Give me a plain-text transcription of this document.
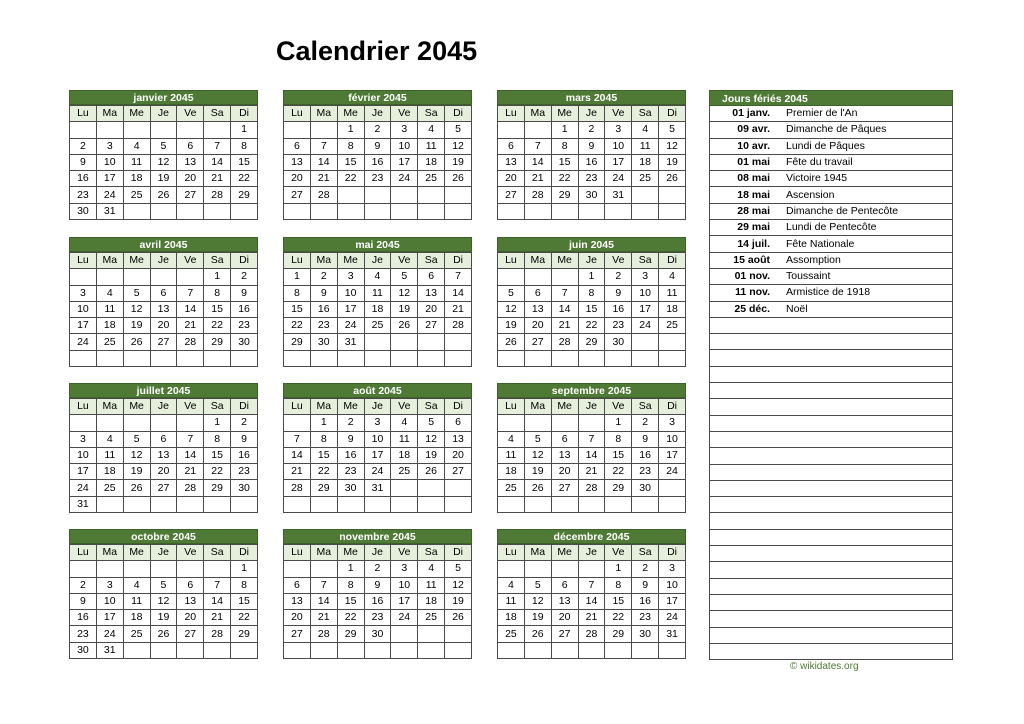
Calendrier 2045
janvier 2045
Lu	Ma	Me	Je	Ve	Sa	Di
						1
2	3	4	5	6	7	8
9	10	11	12	13	14	15
16	17	18	19	20	21	22
23	24	25	26	27	28	29
30	31					
février 2045
Lu	Ma	Me	Je	Ve	Sa	Di
		1	2	3	4	5
6	7	8	9	10	11	12
13	14	15	16	17	18	19
20	21	22	23	24	25	26
27	28					

mars 2045
Lu	Ma	Me	Je	Ve	Sa	Di
		1	2	3	4	5
6	7	8	9	10	11	12
13	14	15	16	17	18	19
20	21	22	23	24	25	26
27	28	29	30	31		

avril 2045
Lu	Ma	Me	Je	Ve	Sa	Di
					1	2
3	4	5	6	7	8	9
10	11	12	13	14	15	16
17	18	19	20	21	22	23
24	25	26	27	28	29	30

mai 2045
Lu	Ma	Me	Je	Ve	Sa	Di
1	2	3	4	5	6	7
8	9	10	11	12	13	14
15	16	17	18	19	20	21
22	23	24	25	26	27	28
29	30	31				

juin 2045
Lu	Ma	Me	Je	Ve	Sa	Di
			1	2	3	4
5	6	7	8	9	10	11
12	13	14	15	16	17	18
19	20	21	22	23	24	25
26	27	28	29	30		

juillet 2045
Lu	Ma	Me	Je	Ve	Sa	Di
					1	2
3	4	5	6	7	8	9
10	11	12	13	14	15	16
17	18	19	20	21	22	23
24	25	26	27	28	29	30
31						
août 2045
Lu	Ma	Me	Je	Ve	Sa	Di
	1	2	3	4	5	6
7	8	9	10	11	12	13
14	15	16	17	18	19	20
21	22	23	24	25	26	27
28	29	30	31			

septembre 2045
Lu	Ma	Me	Je	Ve	Sa	Di
				1	2	3
4	5	6	7	8	9	10
11	12	13	14	15	16	17
18	19	20	21	22	23	24
25	26	27	28	29	30	

octobre 2045
Lu	Ma	Me	Je	Ve	Sa	Di
						1
2	3	4	5	6	7	8
9	10	11	12	13	14	15
16	17	18	19	20	21	22
23	24	25	26	27	28	29
30	31					
novembre 2045
Lu	Ma	Me	Je	Ve	Sa	Di
		1	2	3	4	5
6	7	8	9	10	11	12
13	14	15	16	17	18	19
20	21	22	23	24	25	26
27	28	29	30			

décembre 2045
Lu	Ma	Me	Je	Ve	Sa	Di
				1	2	3
4	5	6	7	8	9	10
11	12	13	14	15	16	17
18	19	20	21	22	23	24
25	26	27	28	29	30	31

Jours fériés 2045
01 janv.	Premier de l'An
09 avr.	Dimanche de Pâques
10 avr.	Lundi de Pâques
01 mai	Fête du travail
08 mai	Victoire 1945
18 mai	Ascension
28 mai	Dimanche de Pentecôte
29 mai	Lundi de Pentecôte
14 juil.	Fête Nationale
15 août	Assomption
01 nov.	Toussaint
11 nov.	Armistice de 1918
25 déc.	Noël

© wikidates.org
